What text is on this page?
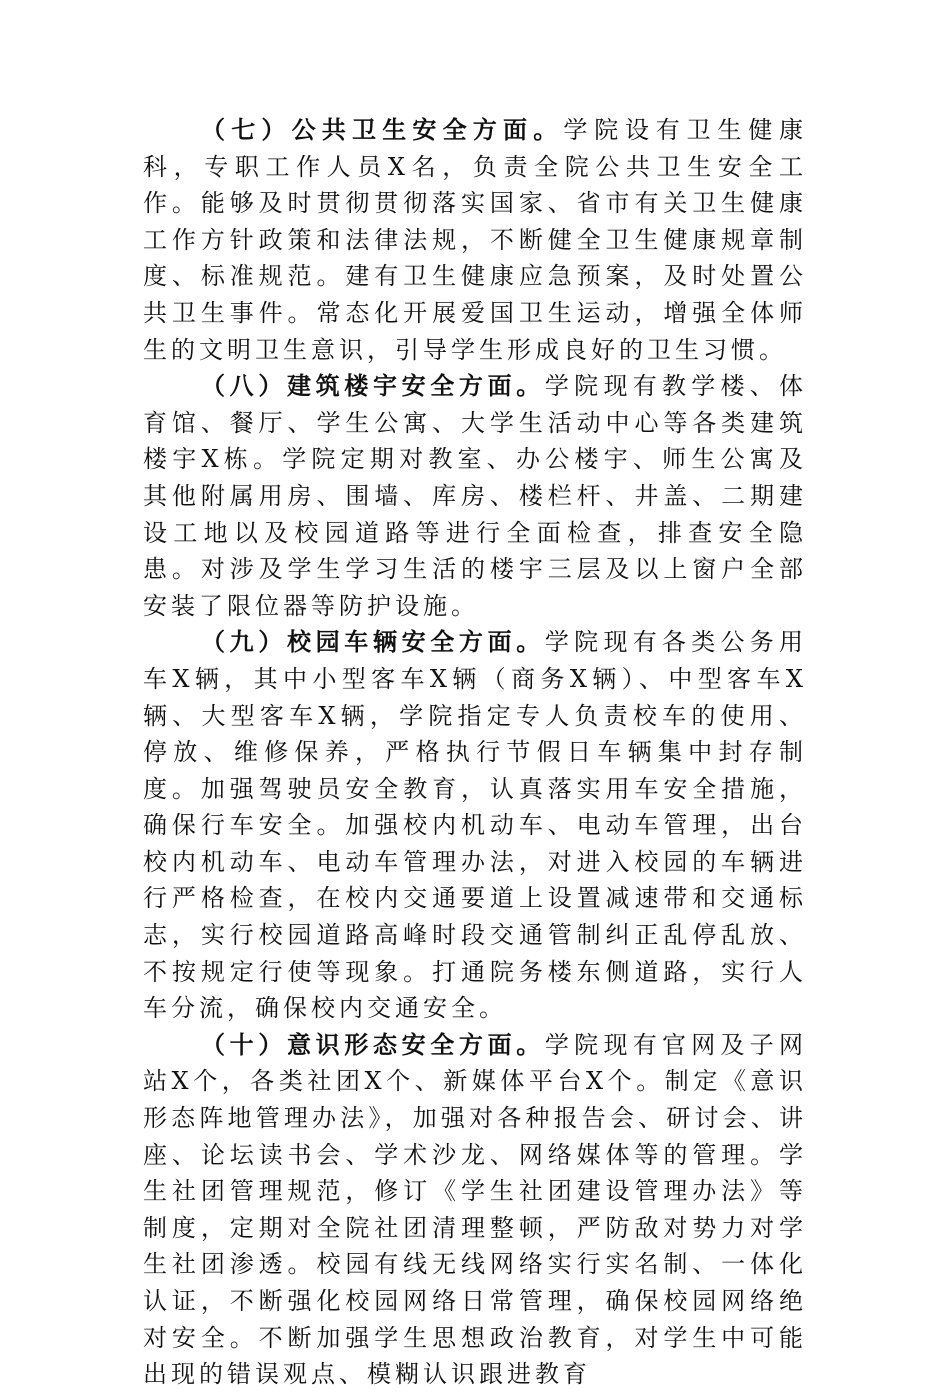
（七）公共卫生安全方面。学院设有卫生健康科，专职工作人员X名，负责全院公共卫生安全工作。能够及时贯彻贯彻落实国家、省市有关卫生健康工作方针政策和法律法规，不断健全卫生健康规章制度、标准规范。建有卫生健康应急预案，及时处置公共卫生事件。常态化开展爱国卫生运动，增强全体师生的文明卫生意识，引导学生形成良好的卫生习惯。

（八）建筑楼宇安全方面。学院现有教学楼、体育馆、餐厅、学生公寓、大学生活动中心等各类建筑楼宇X栋。学院定期对教室、办公楼宇、师生公寓及其他附属用房、围墙、库房、楼栏杆、井盖、二期建设工地以及校园道路等进行全面检查，排查安全隐患。对涉及学生学习生活的楼宇三层及以上窗户全部安装了限位器等防护设施。

（九）校园车辆安全方面。学院现有各类公务用车X辆，其中小型客车X辆（商务X辆）、中型客车X辆、大型客车X辆，学院指定专人负责校车的使用、停放、维修保养，严格执行节假日车辆集中封存制度。加强驾驶员安全教育，认真落实用车安全措施，确保行车安全。加强校内机动车、电动车管理，出台校内机动车、电动车管理办法，对进入校园的车辆进行严格检查，在校内交通要道上设置减速带和交通标志，实行校园道路高峰时段交通管制纠正乱停乱放、不按规定行使等现象。打通院务楼东侧道路，实行人车分流，确保校内交通安全。

（十）意识形态安全方面。学院现有官网及子网站X个，各类社团X个、新媒体平台X个。制定《意识形态阵地管理办法》，加强对各种报告会、研讨会、讲座、论坛读书会、学术沙龙、网络媒体等的管理。学生社团管理规范，修订《学生社团建设管理办法》等制度，定期对全院社团清理整顿，严防敌对势力对学生社团渗透。校园有线无线网络实行实名制、一体化认证，不断强化校园网络日常管理，确保校园网络绝对安全。不断加强学生思想政治教育，对学生中可能出现的错误观点、模糊认识跟进教育
